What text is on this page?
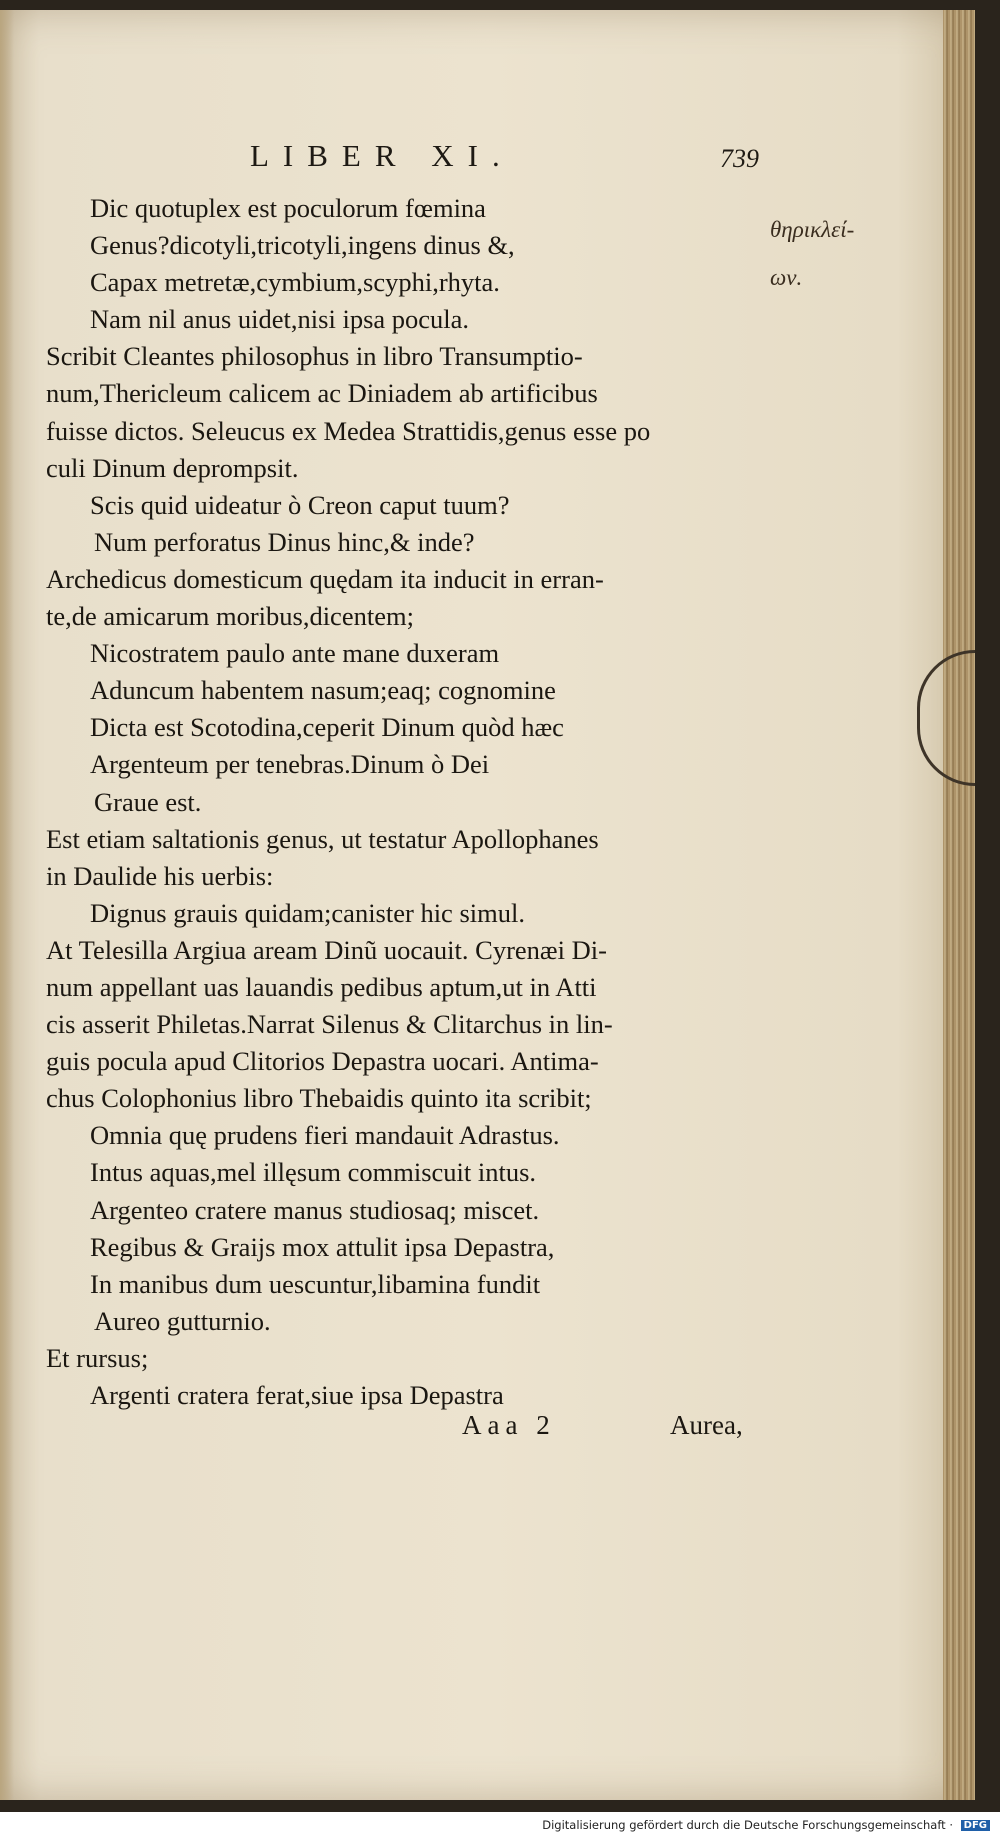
LIBER XI.	739
θηρικλεί-
ων.
Dic quotuplex est poculorum fœmina
Genus?dicotyli,tricotyli,ingens dinus &,
Capax metretæ,cymbium,scyphi,rhyta.
Nam nil anus uidet,nisi ipsa pocula.
Scribit Cleantes philosophus in libro Transumptio-
num,Thericleum calicem ac Diniadem ab artificibus
fuisse dictos. Seleucus ex Medea Strattidis,genus esse po
culi Dinum deprompsit.
Scis quid uideatur ò Creon caput tuum?
Num perforatus Dinus hinc,& inde?
Archedicus domesticum quędam ita inducit in erran-
te,de amicarum moribus,dicentem;
Nicostratem paulo ante mane duxeram
Aduncum habentem nasum;eaq; cognomine
Dicta est Scotodina,ceperit Dinum quòd hæc
Argenteum per tenebras.Dinum ò Dei
Graue est.
Est etiam saltationis genus, ut testatur Apollophanes
in Daulide his uerbis:
Dignus grauis quidam;canister hic simul.
At Telesilla Argiua aream Dinũ uocauit. Cyrenæi Di-
num appellant uas lauandis pedibus aptum,ut in Atti
cis asserit Philetas.Narrat Silenus & Clitarchus in lin-
guis pocula apud Clitorios Depastra uocari. Antima-
chus Colophonius libro Thebaidis quinto ita scribit;
Omnia quę prudens fieri mandauit Adrastus.
Intus aquas,mel illęsum commiscuit intus.
Argenteo cratere manus studiosaq; miscet.
Regibus & Graijs mox attulit ipsa Depastra,
In manibus dum uescuntur,libamina fundit
Aureo gutturnio.
Et rursus;
Argenti cratera ferat,siue ipsa Depastra
Aaa 2	Aurea,
Digitalisierung gefördert durch die Deutsche Forschungsgemeinschaft · DFG
